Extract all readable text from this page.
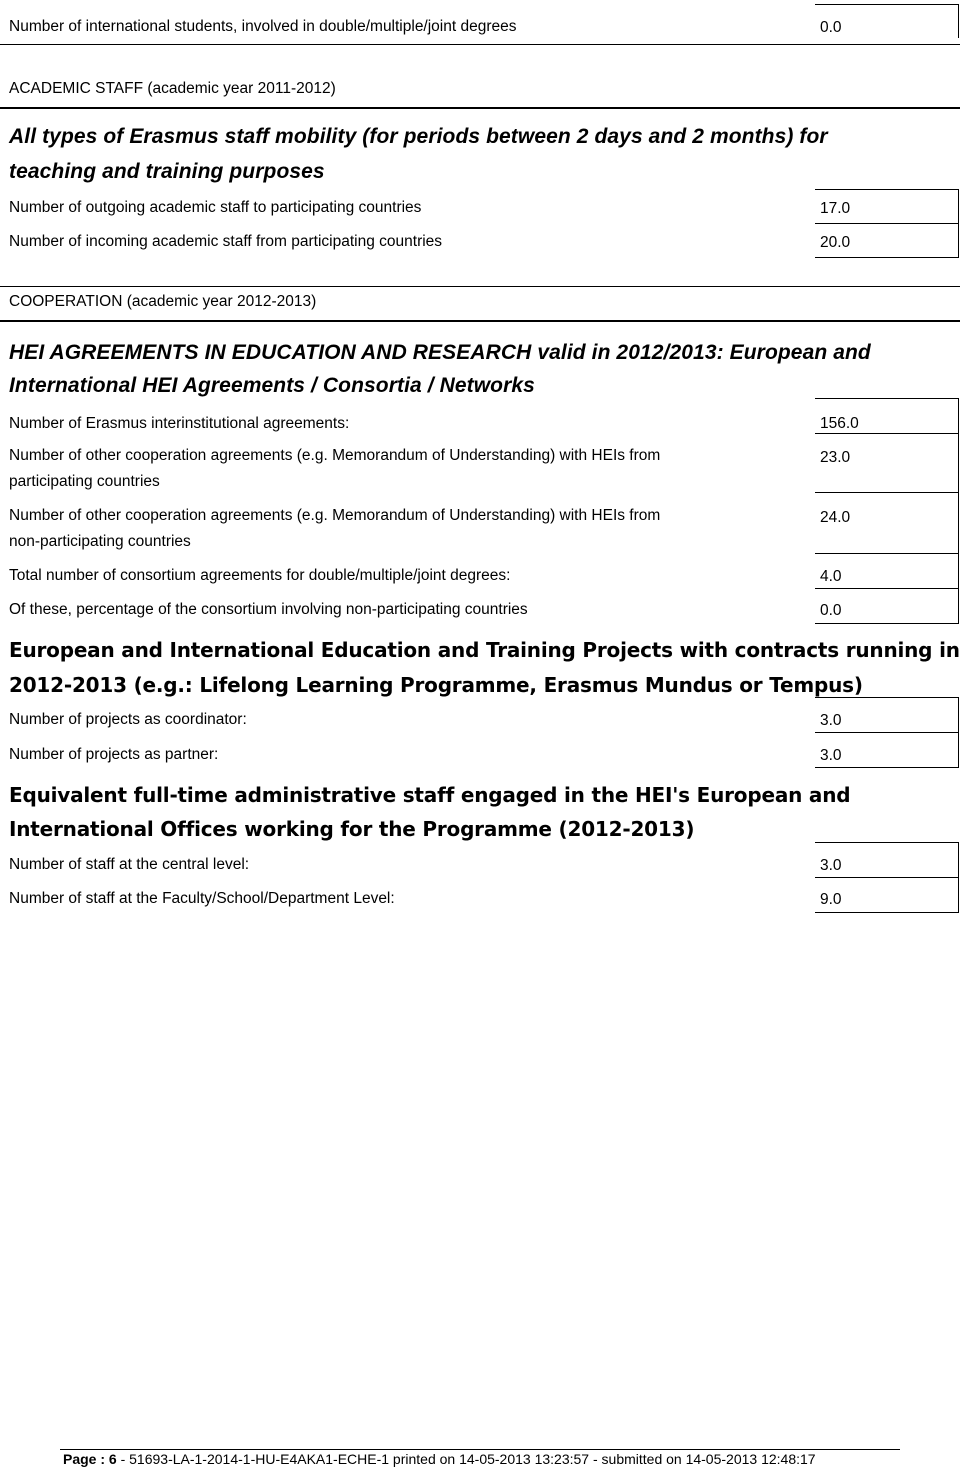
Number of international students, involved in double/multiple/joint degrees	0.0
ACADEMIC STAFF (academic year 2011-2012)
All types of Erasmus staff mobility (for periods between 2 days and 2 months) for
teaching and training purposes
Number of outgoing academic staff to participating countries	17.0
Number of incoming academic staff from participating countries	20.0
COOPERATION (academic year 2012-2013)
HEI AGREEMENTS IN EDUCATION AND RESEARCH valid in 2012/2013: European and
International HEI Agreements / Consortia / Networks
Number of Erasmus interinstitutional agreements:	156.0
Number of other cooperation agreements (e.g. Memorandum of Understanding) with HEIs from
participating countries
23.0
Number of other cooperation agreements (e.g. Memorandum of Understanding) with HEIs from
non-participating countries
24.0
Total number of consortium agreements for double/multiple/joint degrees:	4.0
Of these, percentage of the consortium involving non-participating countries	0.0
European and International Education and Training Projects with contracts running in
2012-2013 (e.g.: Lifelong Learning Programme, Erasmus Mundus or Tempus)
Number of projects as coordinator:	3.0
Number of projects as partner:	3.0
Equivalent full-time administrative staff engaged in the HEI's European and
International Offices working for the Programme (2012-2013)
Number of staff at the central level:	3.0
Number of staff at the Faculty/School/Department Level:	9.0
Page : 6 - 51693-LA-1-2014-1-HU-E4AKA1-ECHE-1 printed on 14-05-2013 13:23:57 - submitted on 14-05-2013 12:48:17
